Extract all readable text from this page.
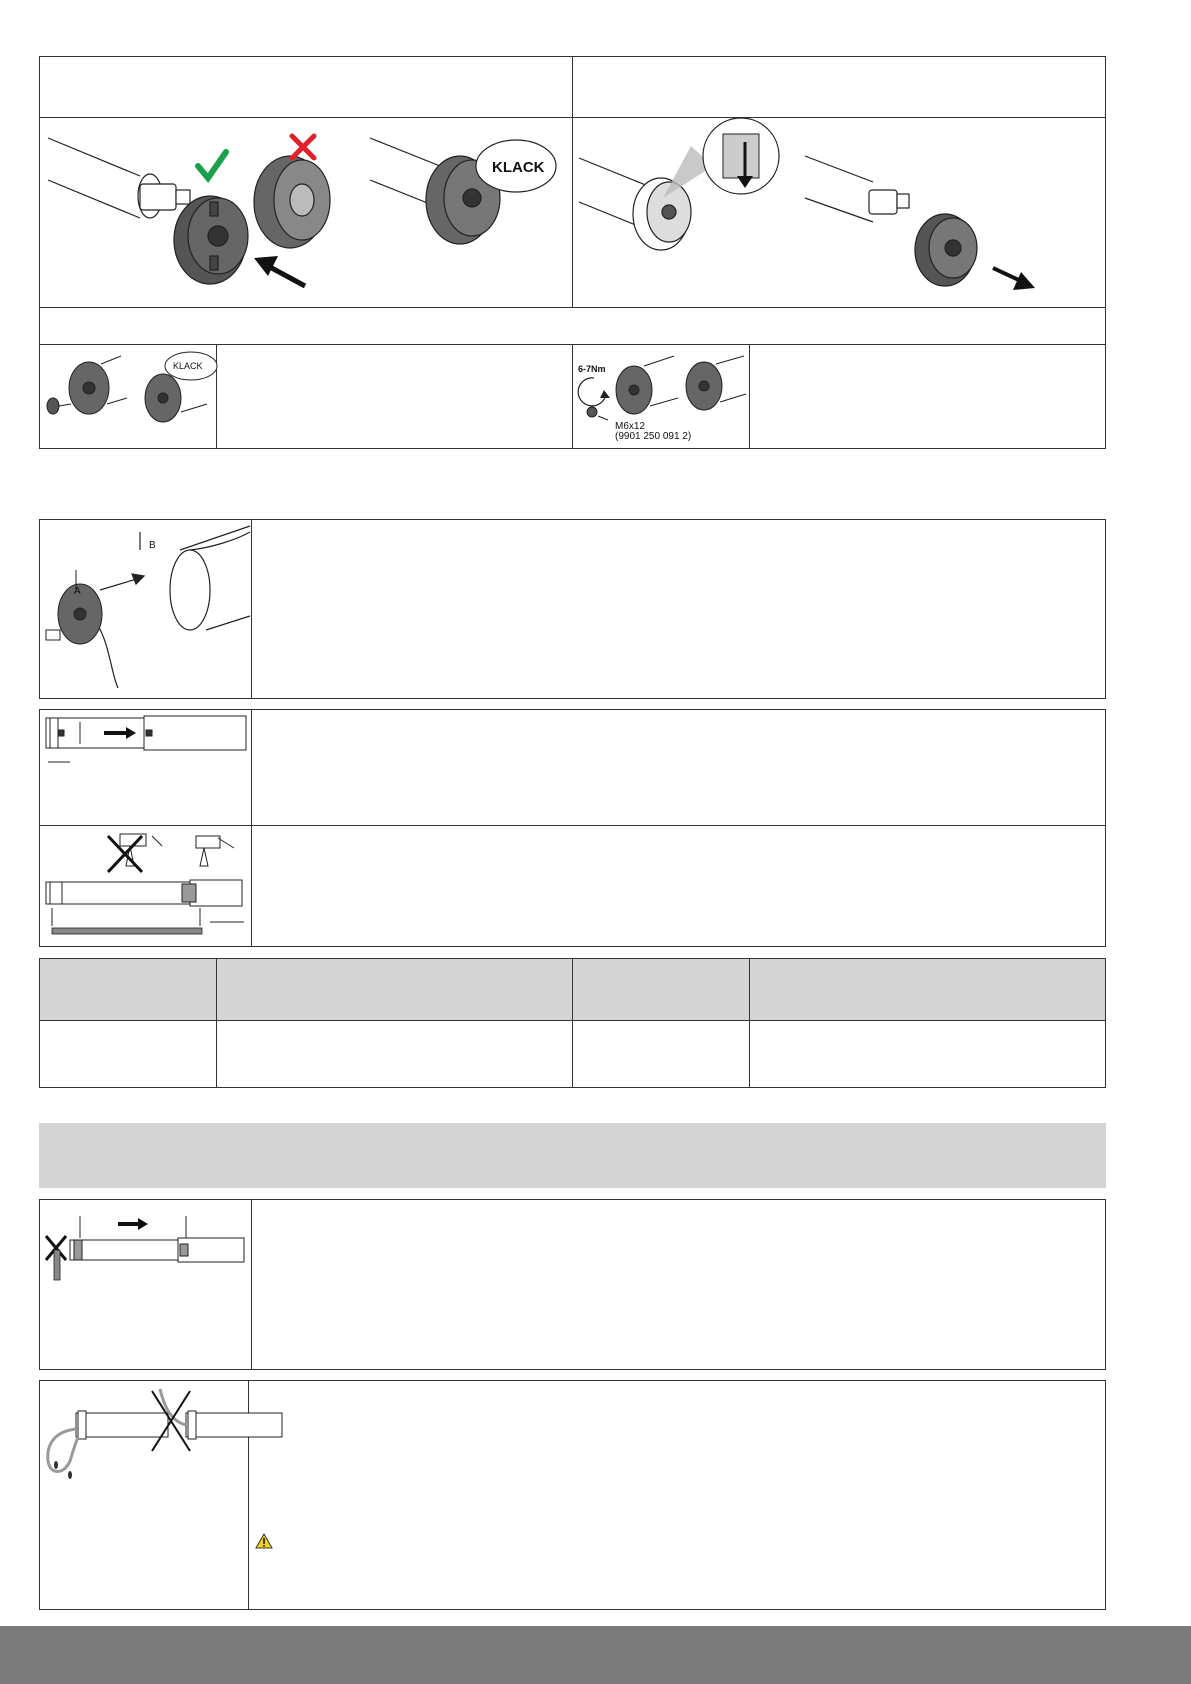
KLACK
KLACK	6-7Nm
M6x12
(9901 250 091 2)
A
B
